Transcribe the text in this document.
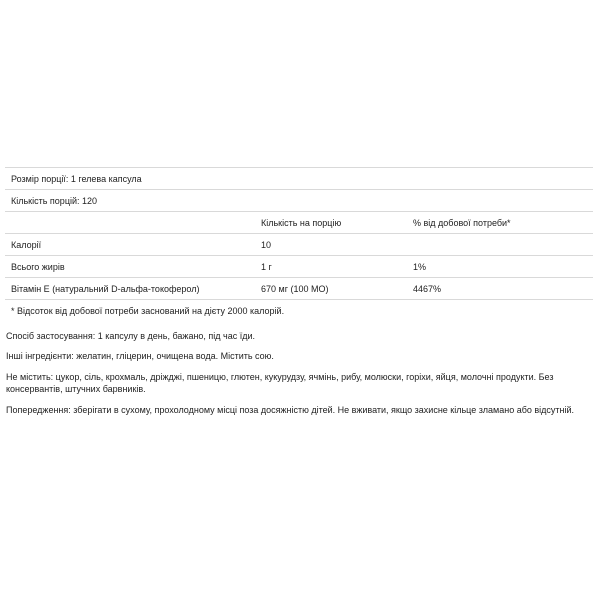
Розмір порції: 1 гелева капсула		
Кількість порцій: 120		
	Кількість на порцію	% від добової потреби*
Калорії	10	
Всього жирів	1 г	1%
Вітамін Е (натуральний D-альфа-токоферол)	670 мг (100 МО)	4467%
* Відсоток від добової потреби заснований на дієту 2000 калорій.		

Спосіб застосування: 1 капсулу в день, бажано, під час їди.

Інші інгредієнти: желатин, гліцерин, очищена вода. Містить сою.

Не містить: цукор, сіль, крохмаль, дріжджі, пшеницю, глютен, кукурудзу, ячмінь, рибу, молюски, горіхи, яйця, молочні продукти. Без консервантів, штучних барвників.

Попередження: зберігати в сухому, прохолодному місці поза досяжністю дітей. Не вживати, якщо захисне кільце зламано або відсутній.
